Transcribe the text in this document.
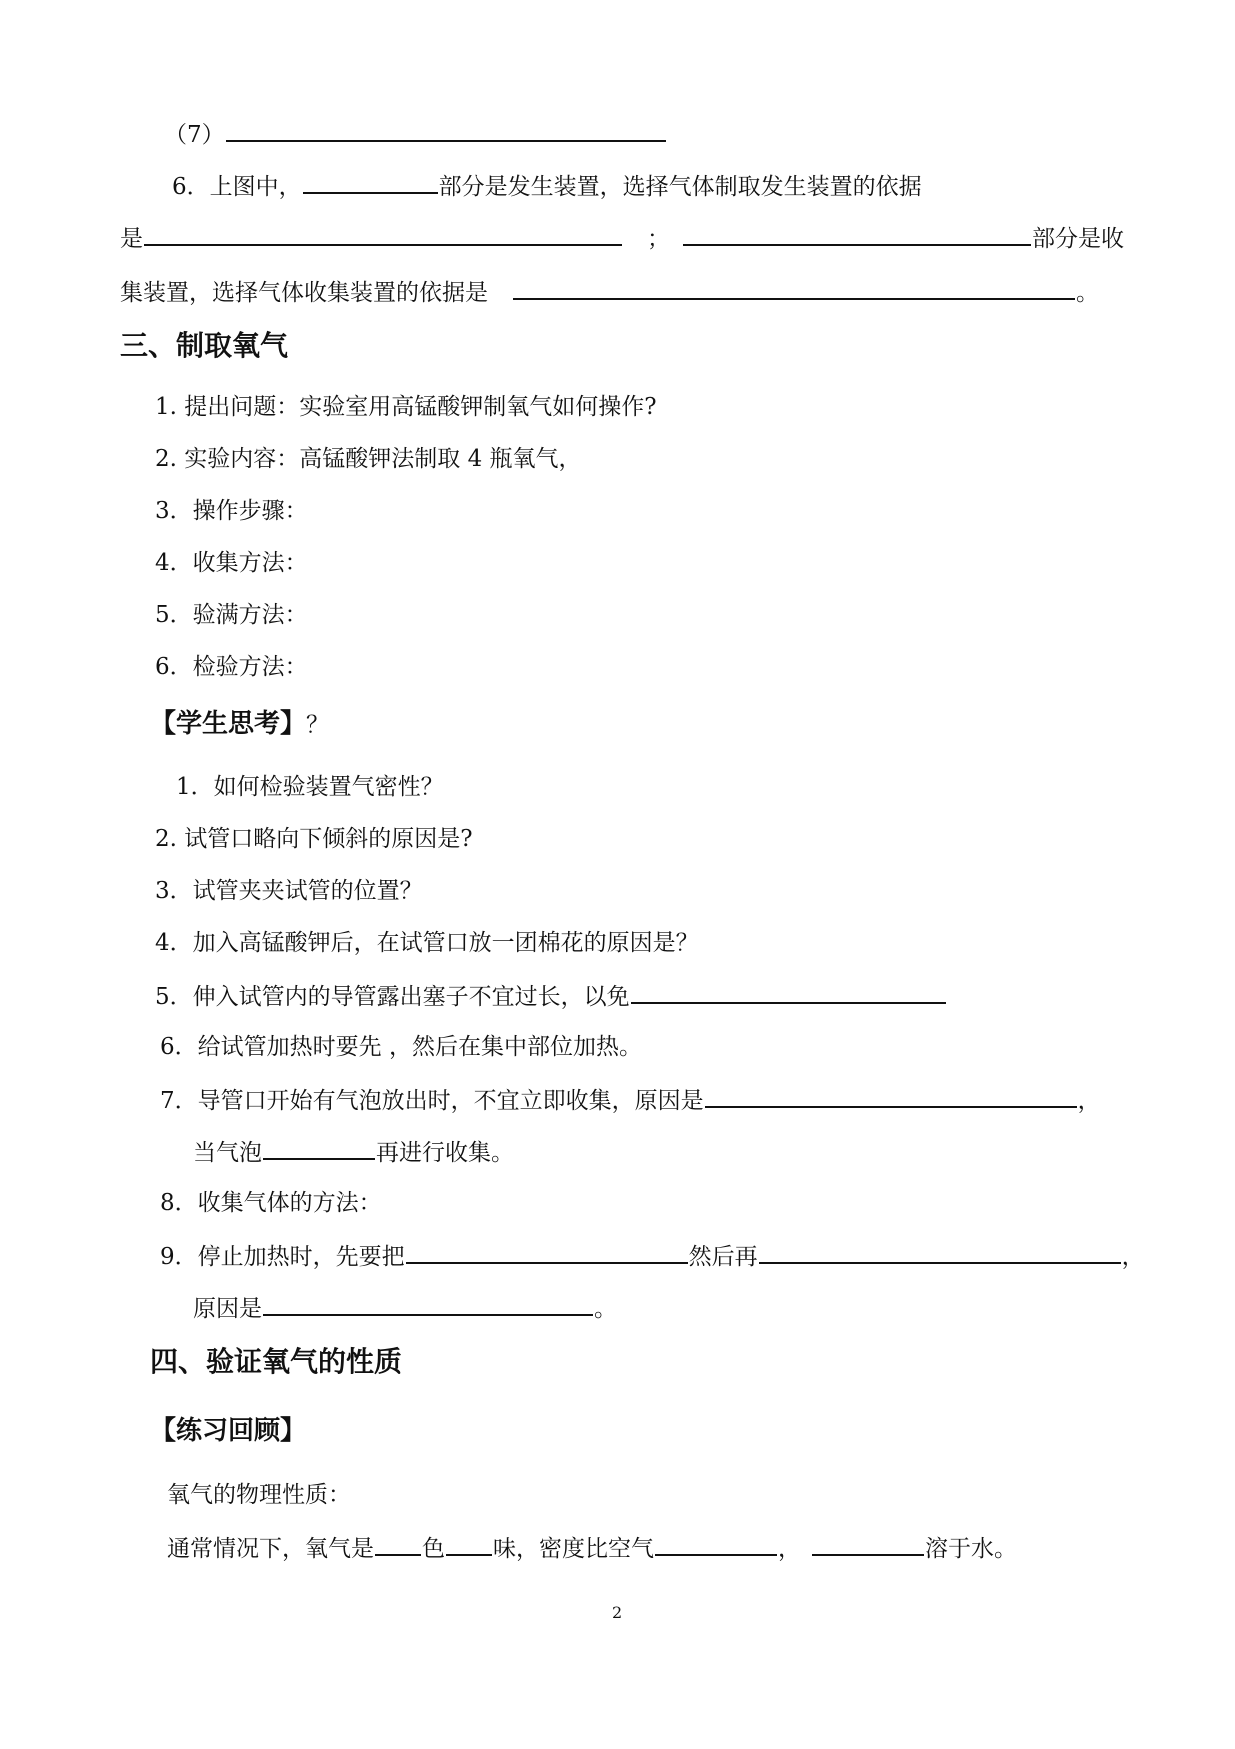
（7）
6．上图中，	部分是发生装置，选择气体制取发生装置的依据
是	；	部分是收
集装置，选择气体收集装置的依据是	。
三、制取氧气
1. 提出问题：实验室用高锰酸钾制氧气如何操作?
2. 实验内容：高锰酸钾法制取 4 瓶氧气，
3．操作步骤：
4．收集方法：
5．验满方法：
6．检验方法：
【学生思考】？
1．如何检验装置气密性？
2. 试管口略向下倾斜的原因是?
3．试管夹夹试管的位置？
4．加入高锰酸钾后，在试管口放一团棉花的原因是？
5．伸入试管内的导管露出塞子不宜过长，以免
6．给试管加热时要先 ，然后在集中部位加热。
7．导管口开始有气泡放出时，不宜立即收集，原因是	，
当气泡	再进行收集。
8．收集气体的方法：
9．停止加热时，先要把	然后再	，
原因是	。
四、验证氧气的性质
【练习回顾】
氧气的物理性质：
通常情况下，氧气是 色 味，密度比空气	，	溶于水。
2
